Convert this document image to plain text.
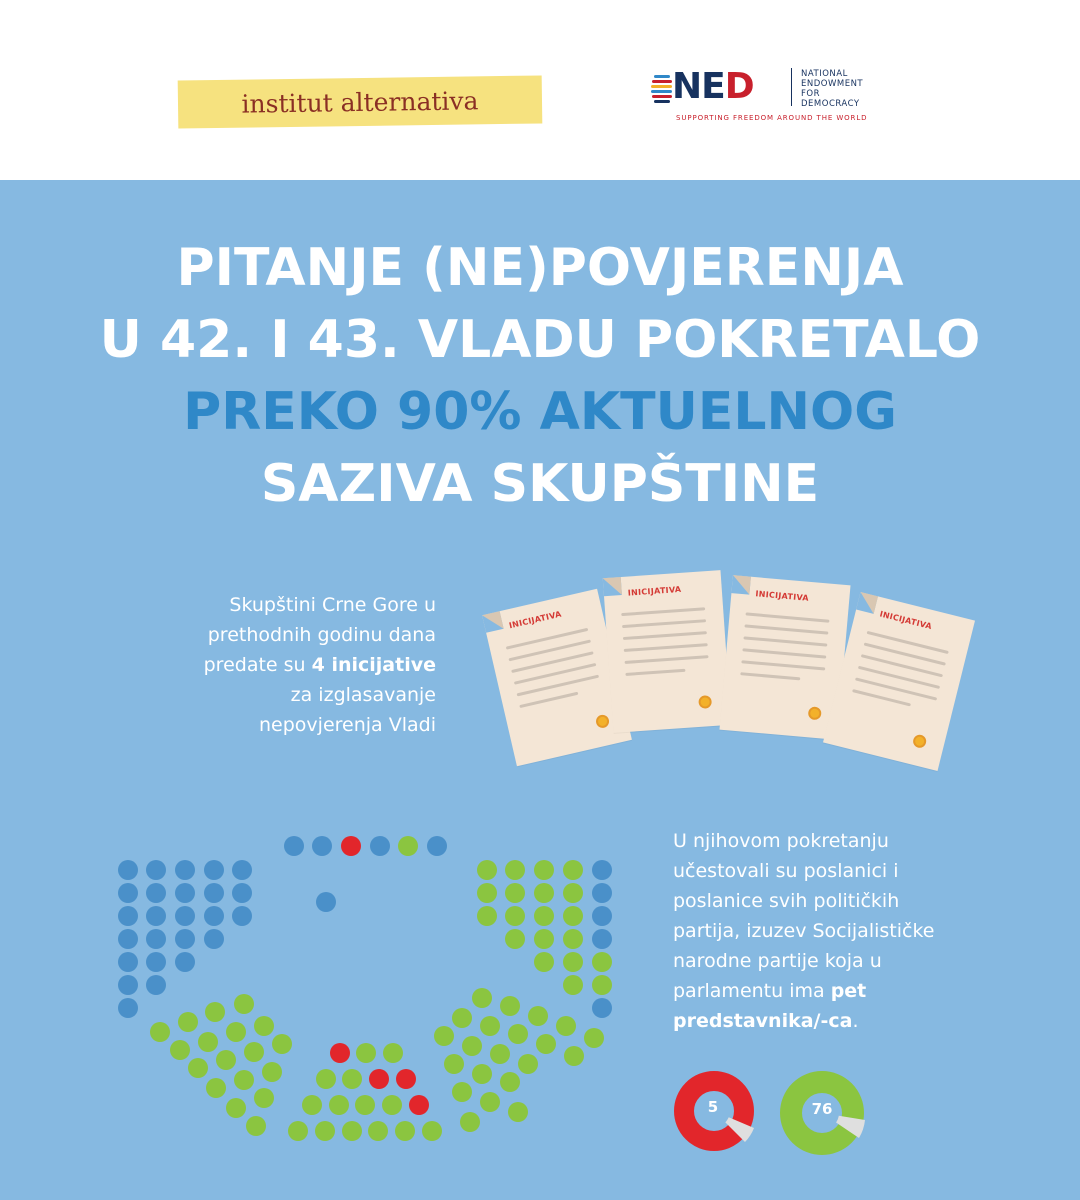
institut alternativa	N E D	NATIONAL
ENDOWMENT
FOR
DEMOCRACY
SUPPORTING FREEDOM AROUND THE WORLD
PITANJE (NE)POVJERENJA
U 42. I 43. VLADU POKRETALO
PREKO 90% AKTUELNOG
SAZIVA SKUPŠTINE
Skupštini Crne Gore u
prethodnih godinu dana
predate su 4 inicijative
za izglasavanje
nepovjerenja Vladi
INICIJATIVA
INICIJATIVA	INICIJATIVA
INICIJATIVA
U njihovom pokretanju
učestovali su poslanici i
poslanice svih političkih
partija, izuzev Socijalističke
narodne partije koja u
parlamentu ima pet
predstavnika/-ca.
5	76
